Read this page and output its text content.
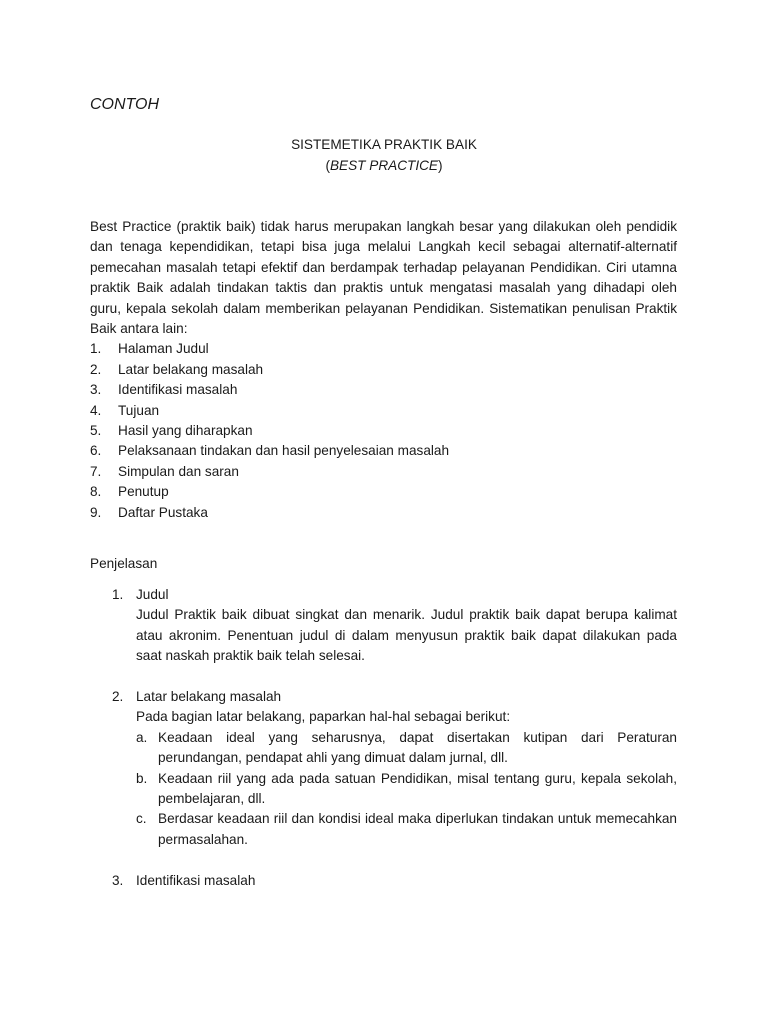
CONTOH
SISTEMETIKA PRAKTIK BAIK
(BEST PRACTICE)

Best Practice (praktik baik) tidak harus merupakan langkah besar yang dilakukan oleh pendidik dan tenaga kependidikan, tetapi bisa juga melalui Langkah kecil sebagai alternatif-alternatif pemecahan masalah tetapi efektif dan berdampak terhadap pelayanan Pendidikan. Ciri utamna praktik Baik adalah tindakan taktis dan praktis untuk mengatasi masalah yang dihadapi oleh guru, kepala sekolah dalam memberikan pelayanan Pendidikan. Sistematikan penulisan Praktik Baik antara lain:

1.	Halaman Judul
2.	Latar belakang masalah
3.	Identifikasi masalah
4.	Tujuan
5.	Hasil yang diharapkan
6.	Pelaksanaan tindakan dan hasil penyelesaian masalah
7.	Simpulan dan saran
8.	Penutup
9.	Daftar Pustaka
Penjelasan
1. Judul
Judul Praktik baik dibuat singkat dan menarik. Judul praktik baik dapat berupa kalimat atau akronim. Penentuan judul di dalam menyusun praktik baik dapat dilakukan pada saat naskah praktik baik telah selesai.
2. Latar belakang masalah
Pada bagian latar belakang, paparkan hal-hal sebagai berikut:
a. Keadaan ideal yang seharusnya, dapat disertakan kutipan dari Peraturan perundangan, pendapat ahli yang dimuat dalam jurnal, dll.
b. Keadaan riil yang ada pada satuan Pendidikan, misal tentang guru, kepala sekolah, pembelajaran, dll.
c. Berdasar keadaan riil dan kondisi ideal maka diperlukan tindakan untuk memecahkan permasalahan.
3. Identifikasi masalah
